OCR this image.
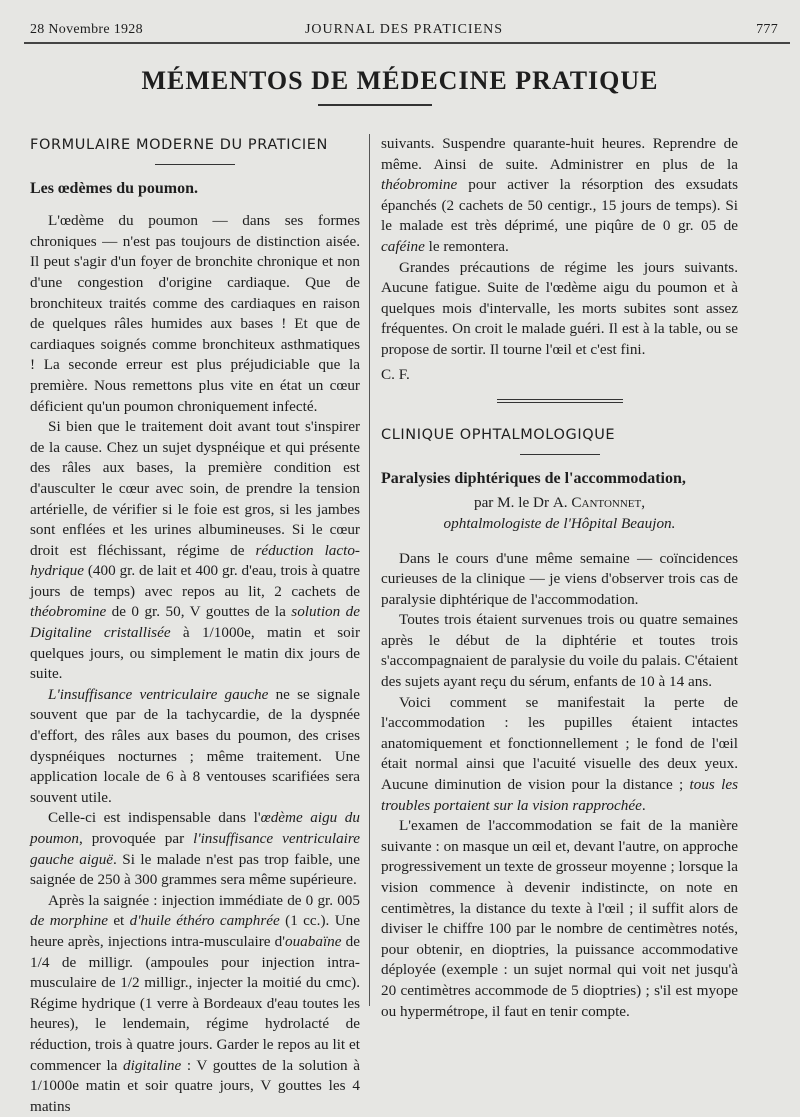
28 Novembre 1928	JOURNAL DES PRATICIENS	777
MÉMENTOS DE MÉDECINE PRATIQUE

FORMULAIRE MODERNE DU PRATICIEN

Les œdèmes du poumon.

L'œdème du poumon — dans ses formes chroniques — n'est pas toujours de distinction aisée. Il peut s'agir d'un foyer de bronchite chronique et non d'une congestion d'origine cardiaque. Que de bronchiteux traités comme des cardiaques en raison de quelques râles humides aux bases ! Et que de cardiaques soignés comme bronchiteux asthmatiques ! La seconde erreur est plus préjudiciable que la première. Nous remettons plus vite en état un cœur déficient qu'un poumon chroniquement infecté.

Si bien que le traitement doit avant tout s'inspirer de la cause. Chez un sujet dyspnéique et qui présente des râles aux bases, la première condition est d'ausculter le cœur avec soin, de prendre la tension artérielle, de vérifier si le foie est gros, si les jambes sont enflées et les urines albumineuses. Si le cœur droit est fléchissant, régime de réduction lacto-hydrique (400 gr. de lait et 400 gr. d'eau, trois à quatre jours de temps) avec repos au lit, 2 cachets de théobromine de 0 gr. 50, V gouttes de la solution de Digitaline cristallisée à 1/1000e, matin et soir quelques jours, ou simplement le matin dix jours de suite.

L'insuffisance ventriculaire gauche ne se signale souvent que par de la tachycardie, de la dyspnée d'effort, des râles aux bases du poumon, des crises dyspnéiques nocturnes ; même traitement. Une application locale de 6 à 8 ventouses scarifiées sera souvent utile.

Celle-ci est indispensable dans l'œdème aigu du poumon, provoquée par l'insuffisance ventriculaire gauche aiguë. Si le malade n'est pas trop faible, une saignée de 250 à 300 grammes sera même supérieure.

Après la saignée : injection immédiate de 0 gr. 005 de morphine et d'huile éthéro camphrée (1 cc.). Une heure après, injections intra-musculaire d'ouabaïne de 1/4 de milligr. (ampoules pour injection intra-musculaire de 1/2 milligr., injecter la moitié du cmc). Régime hydrique (1 verre à Bordeaux d'eau toutes les heures), le lendemain, régime hydrolacté de réduction, trois à quatre jours. Garder le repos au lit et commencer la digitaline : V gouttes de la solution à 1/1000e matin et soir quatre jours, V gouttes les 4 matins

suivants. Suspendre quarante-huit heures. Reprendre de même. Ainsi de suite. Administrer en plus de la théobromine pour activer la résorption des exsudats épanchés (2 cachets de 50 centigr., 15 jours de temps). Si le malade est très déprimé, une piqûre de 0 gr. 05 de caféine le remontera.

Grandes précautions de régime les jours suivants. Aucune fatigue. Suite de l'œdème aigu du poumon et à quelques mois d'intervalle, les morts subites sont assez fréquentes. On croit le malade guéri. Il est à la table, ou se propose de sortir. Il tourne l'œil et c'est fini.

C. F.

CLINIQUE OPHTALMOLOGIQUE

Paralysies diphtériques de l'accommodation,

par M. le Dr A. Cantonnet,

ophtalmologiste de l'Hôpital Beaujon.

Dans le cours d'une même semaine — coïncidences curieuses de la clinique — je viens d'observer trois cas de paralysie diphtérique de l'accommodation.

Toutes trois étaient survenues trois ou quatre semaines après le début de la diphtérie et toutes trois s'accompagnaient de paralysie du voile du palais. C'étaient des sujets ayant reçu du sérum, enfants de 10 à 14 ans.

Voici comment se manifestait la perte de l'accommodation : les pupilles étaient intactes anatomiquement et fonctionnellement ; le fond de l'œil était normal ainsi que l'acuité visuelle des deux yeux. Aucune diminution de vision pour la distance ; tous les troubles portaient sur la vision rapprochée.

L'examen de l'accommodation se fait de la manière suivante : on masque un œil et, devant l'autre, on approche progressivement un texte de grosseur moyenne ; lorsque la vision commence à devenir indistincte, on note en centimètres, la distance du texte à l'œil ; il suffit alors de diviser le chiffre 100 par le nombre de centimètres notés, pour obtenir, en dioptries, la puissance accommodative déployée (exemple : un sujet normal qui voit net jusqu'à 20 centimètres accommode de 5 dioptries) ; s'il est myope ou hypermétrope, il faut en tenir compte.
